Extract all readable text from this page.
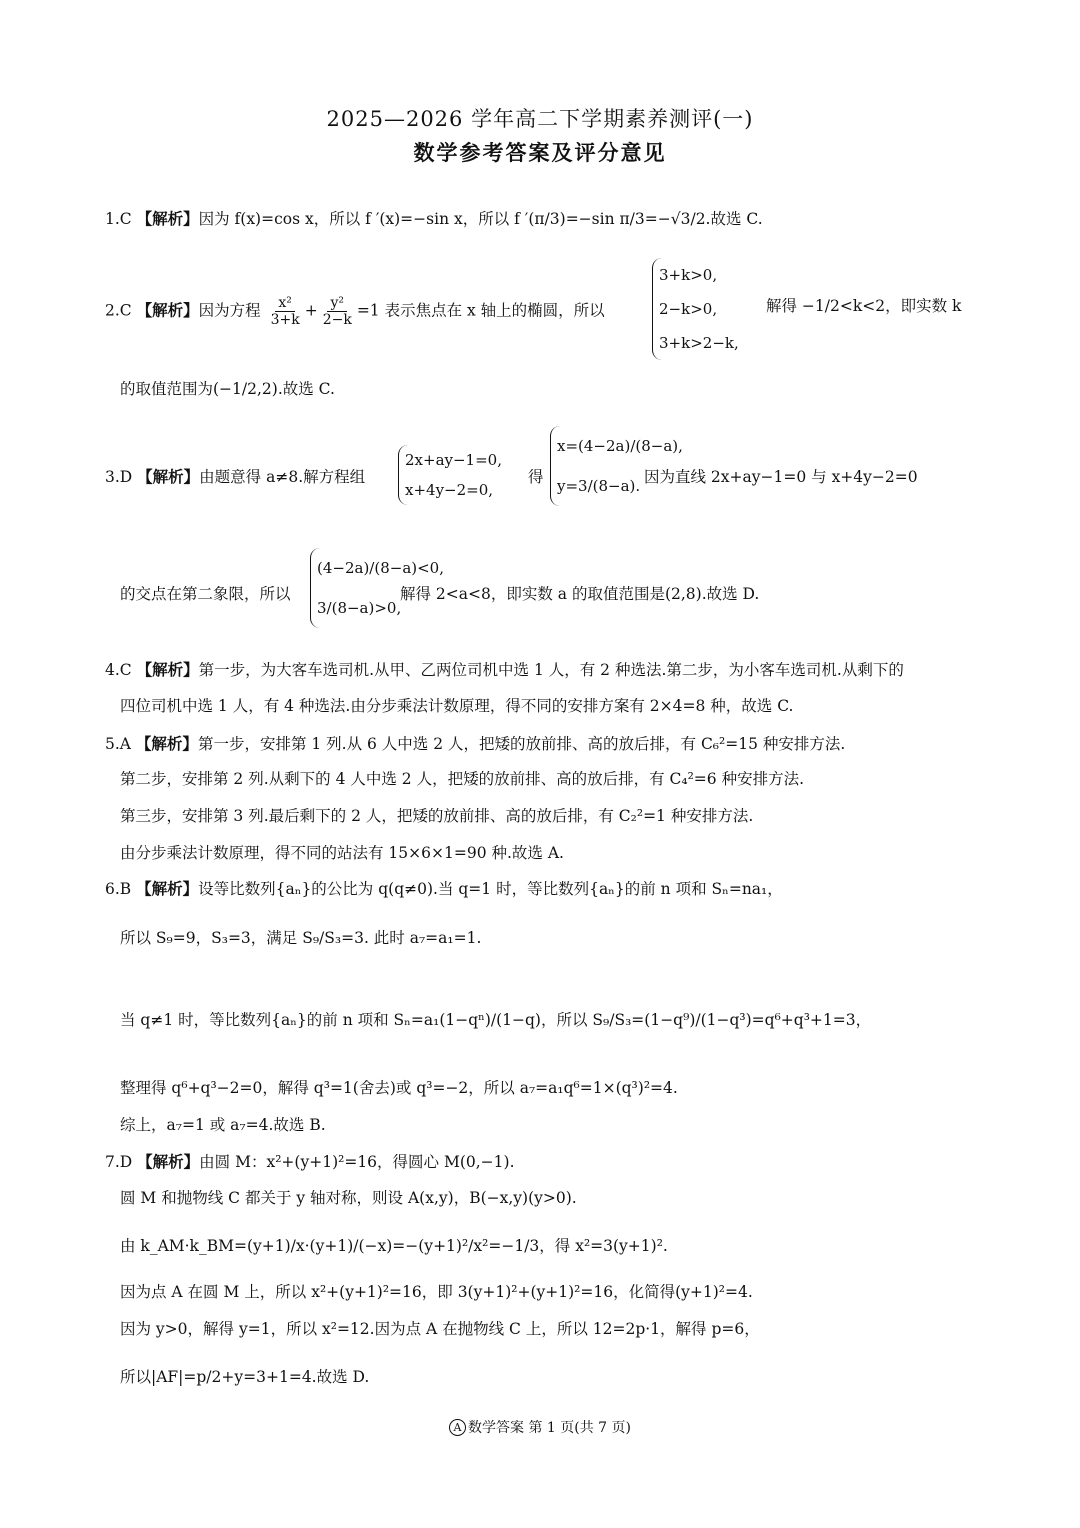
2025—2026 学年高二下学期素养测评(一)
数学参考答案及评分意见
1.C 【解析】因为 f(x)=cos x，所以 f ′(x)=−sin x，所以 f ′(π/3)=−sin π/3=−√3/2.故选 C.
2.C 【解析】因为方程 $\frac{\text{x²}}{3+k} + \frac{\text{y²}}{2-k} =1$ 表示焦点在 x 轴上的椭圆，所以
3+k>0,
2−k>0,
3+k>2−k,
解得 −1/2<k<2，即实数 k
的取值范围为(−1/2,2).故选 C.
3.D 【解析】由题意得 a≠8.解方程组
2x+ay−1=0,
x+4y−2=0,
得
x=(4−2a)/(8−a),
y=3/(8−a). 因为直线 2x+ay−1=0 与 x+4y−2=0
的交点在第二象限，所以
(4−2a)/(8−a)<0,
3/(8−a)>0,
解得 2<a<8，即实数 a 的取值范围是(2,8).故选 D.
4.C 【解析】第一步，为大客车选司机.从甲、乙两位司机中选 1 人，有 2 种选法.第二步，为小客车选司机.从剩下的
四位司机中选 1 人，有 4 种选法.由分步乘法计数原理，得不同的安排方案有 2×4=8 种，故选 C.
5.A 【解析】第一步，安排第 1 列.从 6 人中选 2 人，把矮的放前排、高的放后排，有 C₆²=15 种安排方法.
第二步，安排第 2 列.从剩下的 4 人中选 2 人，把矮的放前排、高的放后排，有 C₄²=6 种安排方法.
第三步，安排第 3 列.最后剩下的 2 人，把矮的放前排、高的放后排，有 C₂²=1 种安排方法.
由分步乘法计数原理，得不同的站法有 15×6×1=90 种.故选 A.
6.B 【解析】设等比数列{aₙ}的公比为 q(q≠0).当 q=1 时，等比数列{aₙ}的前 n 项和 Sₙ=na₁，
所以 S₉=9，S₃=3，满足 S₉/S₃=3. 此时 a₇=a₁=1.
当 q≠1 时，等比数列{aₙ}的前 n 项和 Sₙ=a₁(1−qⁿ)/(1−q)，所以 S₉/S₃=(1−q⁹)/(1−q³)=q⁶+q³+1=3，
整理得 q⁶+q³−2=0，解得 q³=1(舍去)或 q³=−2，所以 a₇=a₁q⁶=1×(q³)²=4.
综上，a₇=1 或 a₇=4.故选 B.
7.D 【解析】由圆 M：x²+(y+1)²=16，得圆心 M(0,−1).
圆 M 和抛物线 C 都关于 y 轴对称，则设 A(x,y)，B(−x,y)(y>0).
由 k_AM·k_BM=(y+1)/x·(y+1)/(−x)=−(y+1)²/x²=−1/3，得 x²=3(y+1)².
因为点 A 在圆 M 上，所以 x²+(y+1)²=16，即 3(y+1)²+(y+1)²=16，化简得(y+1)²=4.
因为 y>0，解得 y=1，所以 x²=12.因为点 A 在抛物线 C 上，所以 12=2p·1，解得 p=6，
所以|AF|=p/2+y=3+1=4.故选 D.
A 数学答案 第 1 页(共 7 页)
